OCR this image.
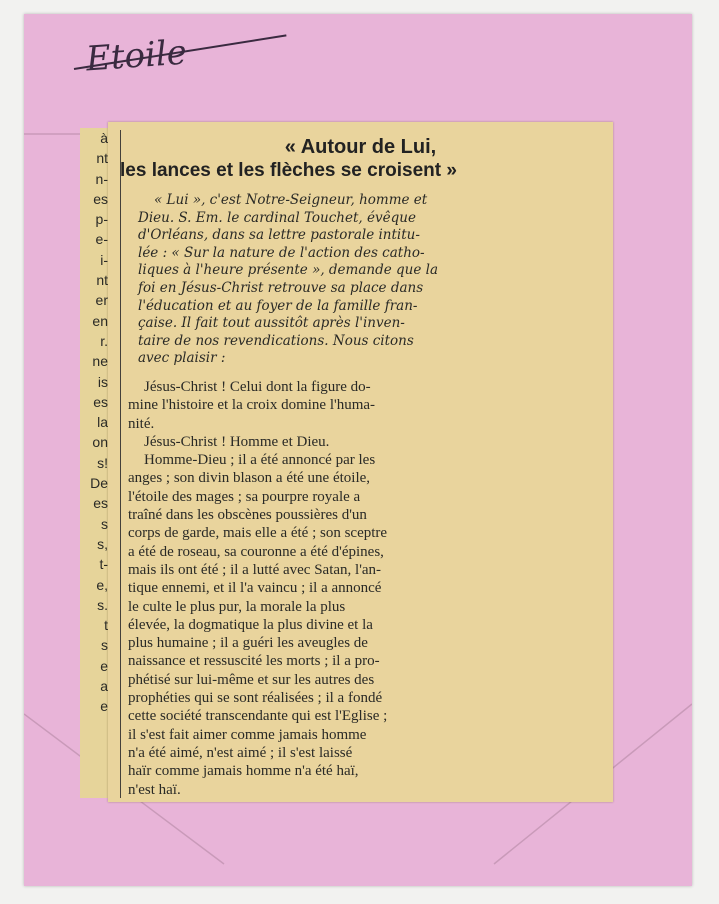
Etoile
à
nt
n-
es
p-
e-
i-
nt
er
en
r.
ne
is
es
la
on
s!
De
es
s
s,
t-
e,
s.
t
s
e
a
e
« Autour de Lui,
les lances et les flèches se croisent »
« Lui », c'est Notre-Seigneur, homme et
Dieu. S. Em. le cardinal Touchet, évêque
d'Orléans, dans sa lettre pastorale intitu-
lée : « Sur la nature de l'action des catho-
liques à l'heure présente », demande que la
foi en Jésus-Christ retrouve sa place dans
l'éducation et au foyer de la famille fran-
çaise. Il fait tout aussitôt après l'inven-
taire de nos revendications. Nous citons
avec plaisir :
Jésus-Christ ! Celui dont la figure do-
mine l'histoire et la croix domine l'huma-
nité.
Jésus-Christ ! Homme et Dieu.
Homme-Dieu ; il a été annoncé par les
anges ; son divin blason a été une étoile,
l'étoile des mages ; sa pourpre royale a
traîné dans les obscènes poussières d'un
corps de garde, mais elle a été ; son sceptre
a été de roseau, sa couronne a été d'épines,
mais ils ont été ; il a lutté avec Satan, l'an-
tique ennemi, et il l'a vaincu ; il a annoncé
le culte le plus pur, la morale la plus
élevée, la dogmatique la plus divine et la
plus humaine ; il a guéri les aveugles de
naissance et ressuscité les morts ; il a pro-
phétisé sur lui-même et sur les autres des
prophéties qui se sont réalisées ; il a fondé
cette société transcendante qui est l'Eglise ;
il s'est fait aimer comme jamais homme
n'a été aimé, n'est aimé ; il s'est laissé
haïr comme jamais homme n'a été haï,
n'est haï.
